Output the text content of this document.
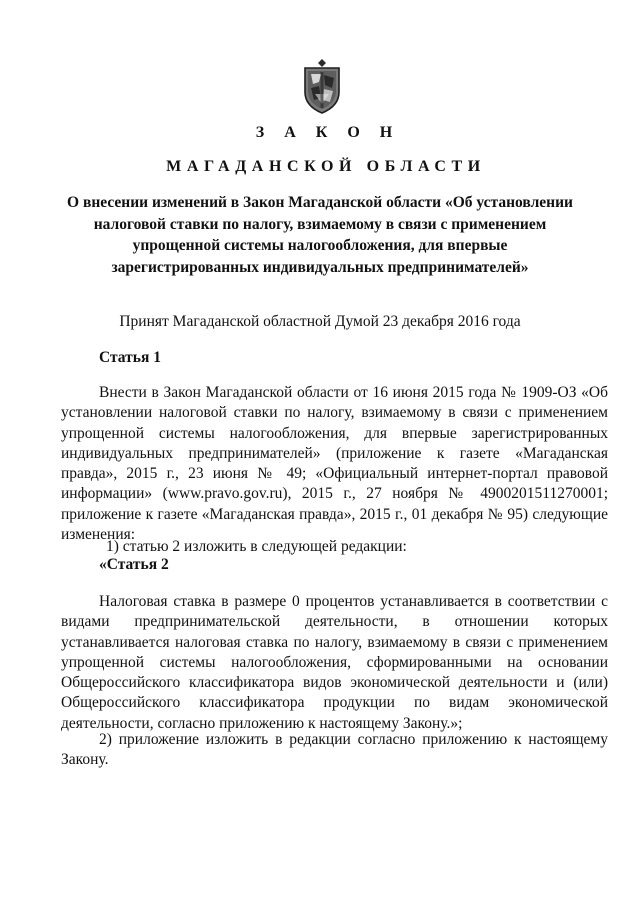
З А К О Н
МАГАДАНСКОЙ ОБЛАСТИ
О внесении изменений в Закон Магаданской области «Об установлении налоговой ставки по налогу, взимаемому в связи с применением упрощенной системы налогообложения, для впервые зарегистрированных индивидуальных предпринимателей»
Принят Магаданской областной Думой 23 декабря 2016 года
Статья 1
Внести в Закон Магаданской области от 16 июня 2015 года № 1909-ОЗ «Об установлении налоговой ставки по налогу, взимаемому в связи с применением упрощенной системы налогообложения, для впервые зарегистрированных индивидуальных предпринимателей» (приложение к газете «Магаданская правда», 2015 г., 23 июня № 49; «Официальный интернет-портал правовой информации» (www.pravo.gov.ru), 2015 г., 27 ноября № 4900201511270001; приложение к газете «Магаданская правда», 2015 г., 01 декабря № 95) следующие изменения:
1) статью 2 изложить в следующей редакции:
«Статья 2
Налоговая ставка в размере 0 процентов устанавливается в соответствии с видами предпринимательской деятельности, в отношении которых устанавливается налоговая ставка по налогу, взимаемому в связи с применением упрощенной системы налогообложения, сформированными на основании Общероссийского классификатора видов экономической деятельности и (или) Общероссийского классификатора продукции по видам экономической деятельности, согласно приложению к настоящему Закону.»;
2) приложение изложить в редакции согласно приложению к настоящему Закону.
